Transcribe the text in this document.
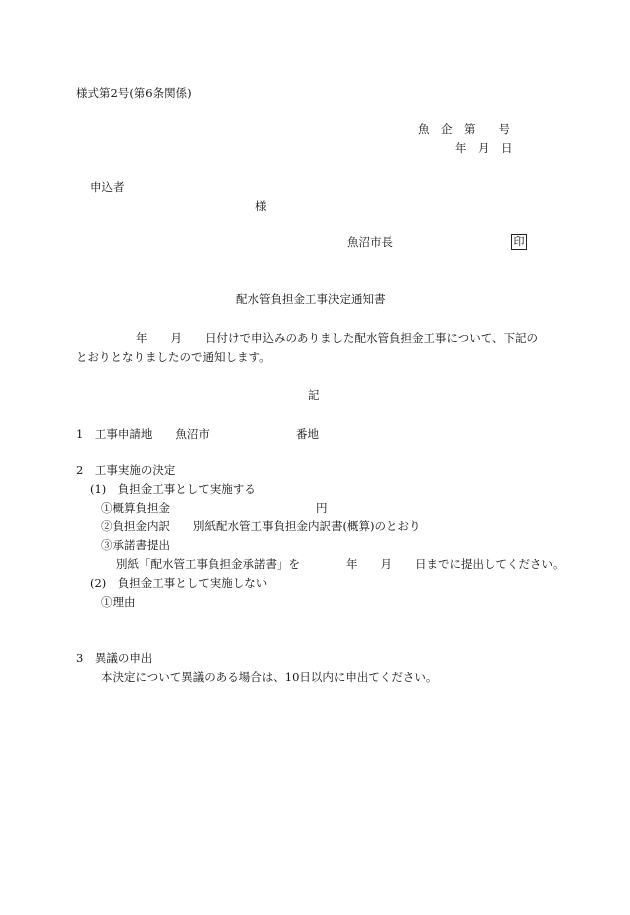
様式第2号(第6条関係)
魚　企　第　　号
年　月　日
申込者
様
魚沼市長	印
配水管負担金工事決定通知書
年　　月　　日付けで申込みのありました配水管負担金工事について、下記の
とおりとなりましたので通知します。
記
1　工事申請地　　魚沼市	番地
2　工事実施の決定
(1)　負担金工事として実施する
①概算負担金	円
②負担金内訳　　別紙配水管工事負担金内訳書(概算)のとおり
③承諾書提出
別紙「配水管工事負担金承諾書」を　　　　年　　月　　日までに提出してください。
(2)　負担金工事として実施しない
①理由
3　異議の申出
本決定について異議のある場合は、10日以内に申出てください。
